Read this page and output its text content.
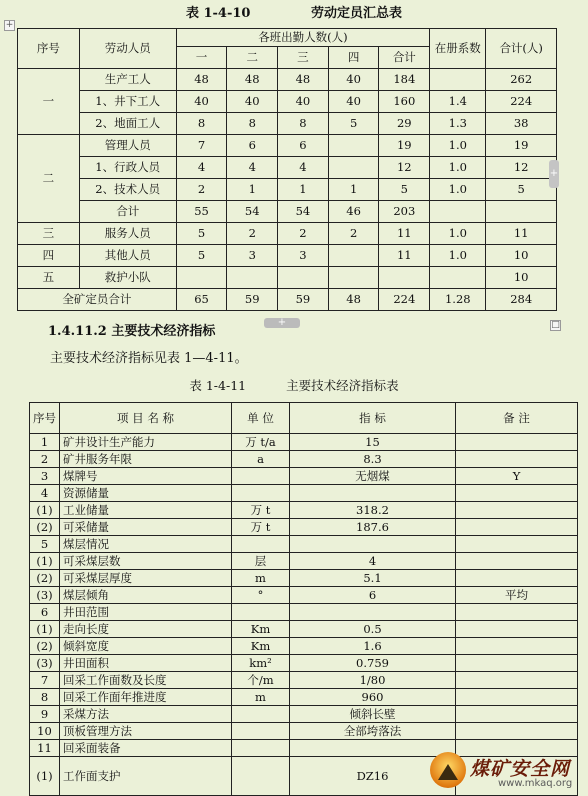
+
表 1-4-10	劳动定员汇总表
序号	劳动人员	各班出勤人数(人)					在册系数	合计(人)
		一	二	三	四	合计		
一	生产工人	48	48	48	40	184		262
	1、井下工人	40	40	40	40	160	1.4	224
	2、地面工人	8	8	8	5	29	1.3	38
二	管理人员	7	6	6		19	1.0	19
	1、行政人员	4	4	4		12	1.0	12
	2、技术人员	2	1	1	1	5	1.0	5
	合计	55	54	54	46	203		
三	服务人员	5	2	2	2	11	1.0	11
四	其他人员	5	3	3		11	1.0	10
五	救护小队							10
全矿定员合计		65	59	59	48	224	1.28	284
+
+	□
1.4.11.2 主要技术经济指标
主要技术经济指标见表 1—4-11。
表 1-4-11	主要技术经济指标表
序号	项 目 名 称	单 位	指 标	备 注
1	矿井设计生产能力	万 t/a	15	
2	矿井服务年限	a	8.3	
3	煤牌号		无烟煤	Y
4	资源储量			
(1)	工业储量	万 t	318.2	
(2)	可采储量	万 t	187.6	
5	煤层情况			
(1)	可采煤层数	层	4	
(2)	可采煤层厚度	m	5.1	
(3)	煤层倾角	°	6	平均
6	井田范围			
(1)	走向长度	Km	0.5	
(2)	倾斜宽度	Km	1.6	
(3)	井田面积	km²	0.759	
7	回采工作面数及长度	个/m	1/80	
8	回采工作面年推进度	m	960	
9	采煤方法		倾斜长壁	
10	顶板管理方法		全部垮落法	
11	回采面装备			
(1)	工作面支护		DZ16		煤矿安全网
www.mkaq.org
